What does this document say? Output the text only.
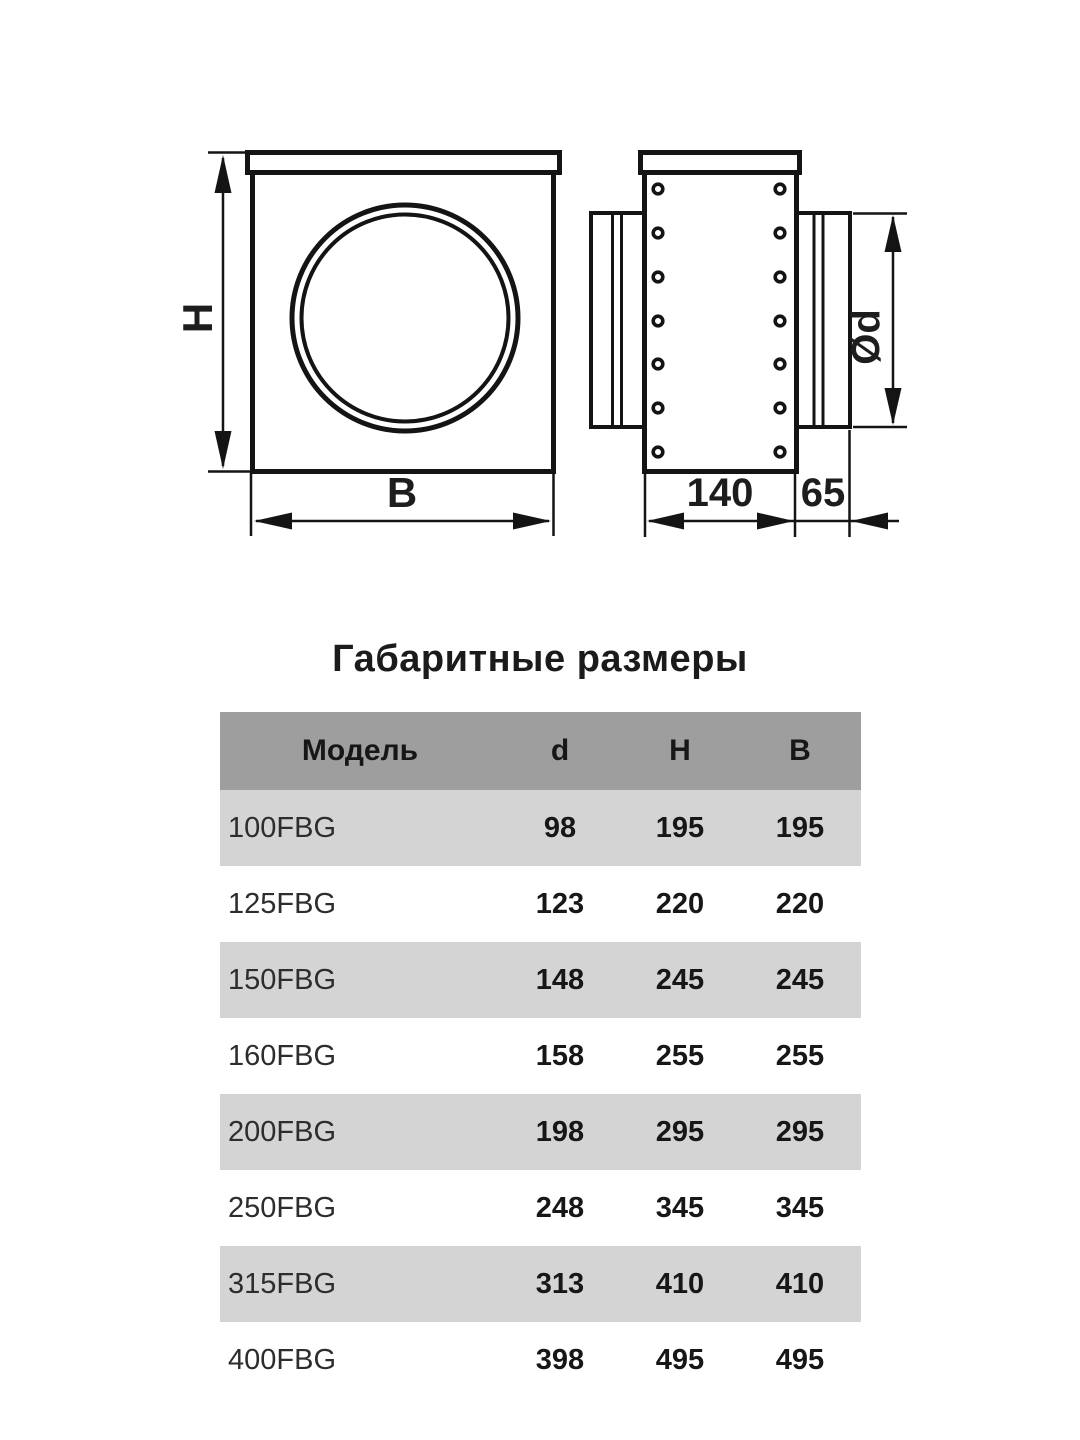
H
B	140 65
Ød
Габаритные размеры
Модель	d	H	B
100FBG	98	195	195
125FBG	123	220	220
150FBG	148	245	245
160FBG	158	255	255
200FBG	198	295	295
250FBG	248	345	345
315FBG	313	410	410
400FBG	398	495	495
